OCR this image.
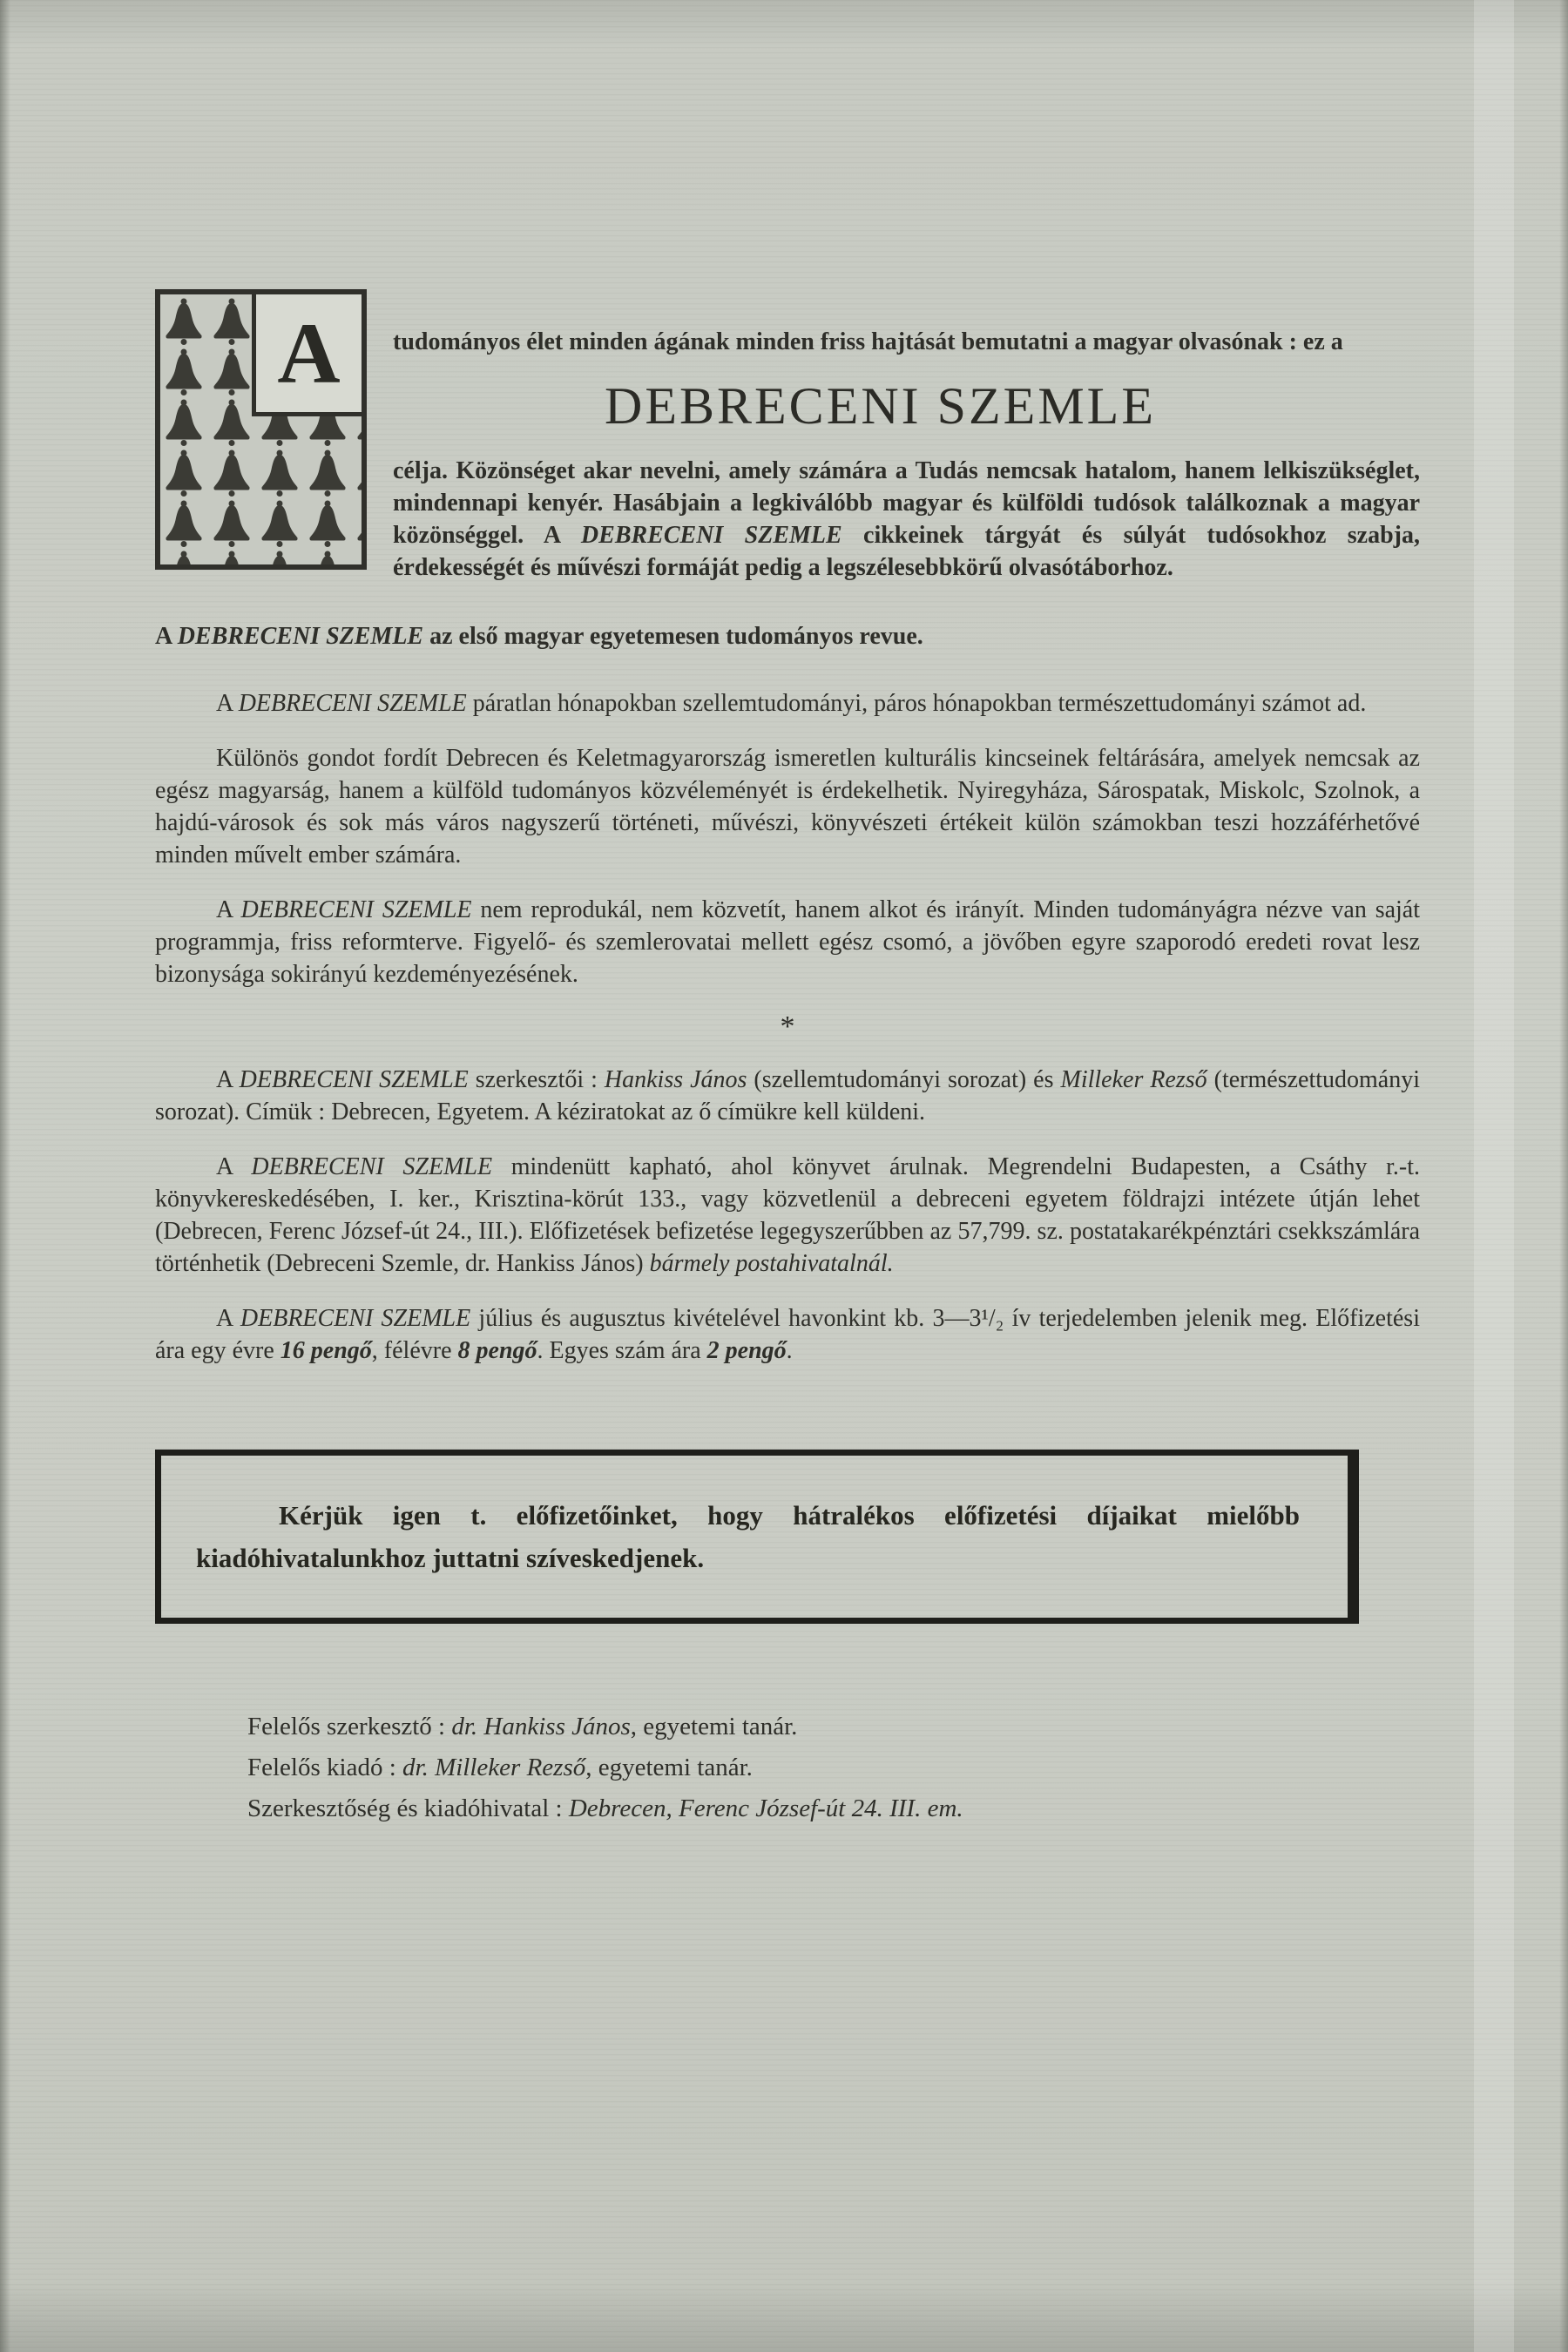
A	tudományos élet minden ágának minden friss hajtását bemutatni a magyar olvasónak : ez a

DEBRECENI SZEMLE

célja. Közönséget akar nevelni, amely számára a Tudás nemcsak hatalom, hanem lelkiszükséglet, mindennapi kenyér. Hasábjain a legkiválóbb magyar és külföldi tudósok találkoznak a magyar közönséggel. A DEBRECENI SZEMLE cikkeinek tárgyát és súlyát tudósokhoz szabja, érdekességét és művészi formáját pedig a legszélesebbkörű olvasótáborhoz.

A DEBRECENI SZEMLE az első magyar egyetemesen tudományos revue.

A DEBRECENI SZEMLE páratlan hónapokban szellemtudományi, páros hónapokban természettudományi számot ad.

Különös gondot fordít Debrecen és Keletmagyarország ismeretlen kulturális kincseinek feltárására, amelyek nemcsak az egész magyarság, hanem a külföld tudományos közvéleményét is érdekelhetik. Nyiregyháza, Sárospatak, Miskolc, Szolnok, a hajdú-városok és sok más város nagyszerű történeti, művészi, könyvészeti értékeit külön számokban teszi hozzáférhetővé minden művelt ember számára.

A DEBRECENI SZEMLE nem reprodukál, nem közvetít, hanem alkot és irányít. Minden tudományágra nézve van saját programmja, friss reformterve. Figyelő- és szemlerovatai mellett egész csomó, a jövőben egyre szaporodó eredeti rovat lesz bizonysága sokirányú kezdeményezésének.

*

A DEBRECENI SZEMLE szerkesztői : Hankiss János (szellemtudományi sorozat) és Milleker Rezső (természettudományi sorozat). Címük : Debrecen, Egyetem. A kéziratokat az ő címükre kell küldeni.

A DEBRECENI SZEMLE mindenütt kapható, ahol könyvet árulnak. Megrendelni Budapesten, a Csáthy r.-t. könyvkereskedésében, I. ker., Krisztina-körút 133., vagy közvetlenül a debreceni egyetem földrajzi intézete útján lehet (Debrecen, Ferenc József-út 24., III.). Előfizetések befizetése legegyszerűbben az 57,799. sz. postatakarékpénztári csekkszámlára történhetik (Debreceni Szemle, dr. Hankiss János) bármely postahivatalnál.

A DEBRECENI SZEMLE július és augusztus kivételével havonkint kb. 3—3¹/₂ ív terjedelemben jelenik meg. Előfizetési ára egy évre 16 pengő, félévre 8 pengő. Egyes szám ára 2 pengő.

Kérjük igen t. előfizetőinket, hogy hátralékos előfizetési díjaikat mielőbb kiadóhivatalunkhoz juttatni szíveskedjenek.

Felelős szerkesztő : dr. Hankiss János, egyetemi tanár.

Felelős kiadó : dr. Milleker Rezső, egyetemi tanár.

Szerkesztőség és kiadóhivatal : Debrecen, Ferenc József-út 24. III. em.
